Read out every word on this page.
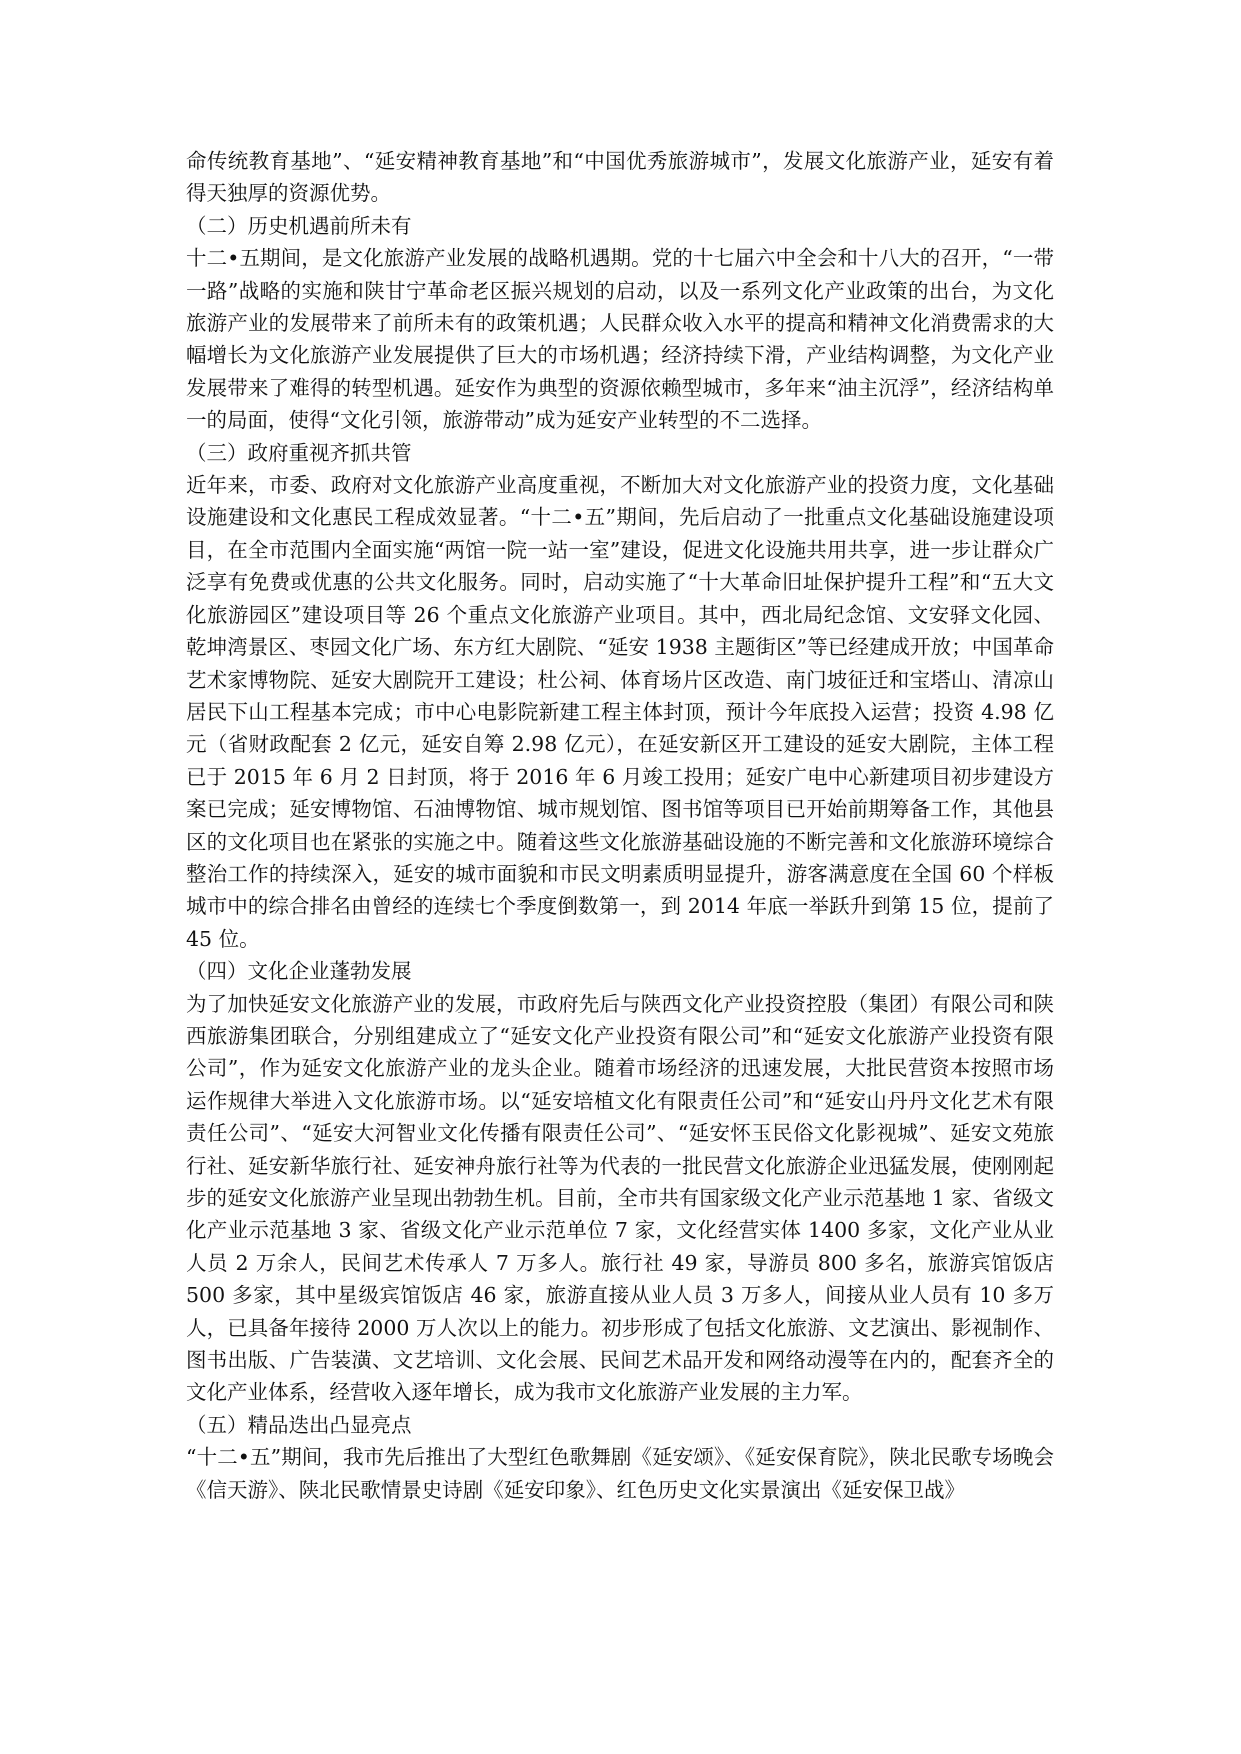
命传统教育基地”、“延安精神教育基地”和“中国优秀旅游城市”，发展文化旅游产业，延安有着得天独厚的资源优势。

（二）历史机遇前所未有

十二•五期间，是文化旅游产业发展的战略机遇期。党的十七届六中全会和十八大的召开，“一带一路”战略的实施和陕甘宁革命老区振兴规划的启动，以及一系列文化产业政策的出台，为文化旅游产业的发展带来了前所未有的政策机遇；人民群众收入水平的提高和精神文化消费需求的大幅增长为文化旅游产业发展提供了巨大的市场机遇；经济持续下滑，产业结构调整，为文化产业发展带来了难得的转型机遇。延安作为典型的资源依赖型城市，多年来“油主沉浮”，经济结构单一的局面，使得“文化引领，旅游带动”成为延安产业转型的不二选择。

（三）政府重视齐抓共管

近年来，市委、政府对文化旅游产业高度重视，不断加大对文化旅游产业的投资力度，文化基础设施建设和文化惠民工程成效显著。“十二•五”期间，先后启动了一批重点文化基础设施建设项目，在全市范围内全面实施“两馆一院一站一室”建设，促进文化设施共用共享，进一步让群众广泛享有免费或优惠的公共文化服务。同时，启动实施了“十大革命旧址保护提升工程”和“五大文化旅游园区”建设项目等 26 个重点文化旅游产业项目。其中，西北局纪念馆、文安驿文化园、乾坤湾景区、枣园文化广场、东方红大剧院、“延安 1938 主题街区”等已经建成开放；中国革命艺术家博物院、延安大剧院开工建设；杜公祠、体育场片区改造、南门坡征迁和宝塔山、清凉山居民下山工程基本完成；市中心电影院新建工程主体封顶，预计今年底投入运营；投资 4.98 亿元（省财政配套 2 亿元，延安自筹 2.98 亿元），在延安新区开工建设的延安大剧院，主体工程已于 2015 年 6 月 2 日封顶，将于 2016 年 6 月竣工投用；延安广电中心新建项目初步建设方案已完成；延安博物馆、石油博物馆、城市规划馆、图书馆等项目已开始前期筹备工作，其他县区的文化项目也在紧张的实施之中。随着这些文化旅游基础设施的不断完善和文化旅游环境综合整治工作的持续深入，延安的城市面貌和市民文明素质明显提升，游客满意度在全国 60 个样板城市中的综合排名由曾经的连续七个季度倒数第一，到 2014 年底一举跃升到第 15 位，提前了 45 位。

（四）文化企业蓬勃发展

为了加快延安文化旅游产业的发展，市政府先后与陕西文化产业投资控股（集团）有限公司和陕西旅游集团联合，分别组建成立了“延安文化产业投资有限公司”和“延安文化旅游产业投资有限公司”，作为延安文化旅游产业的龙头企业。随着市场经济的迅速发展，大批民营资本按照市场运作规律大举进入文化旅游市场。以“延安培植文化有限责任公司”和“延安山丹丹文化艺术有限责任公司”、“延安大河智业文化传播有限责任公司”、“延安怀玉民俗文化影视城”、延安文苑旅行社、延安新华旅行社、延安神舟旅行社等为代表的一批民营文化旅游企业迅猛发展，使刚刚起步的延安文化旅游产业呈现出勃勃生机。目前，全市共有国家级文化产业示范基地 1 家、省级文化产业示范基地 3 家、省级文化产业示范单位 7 家，文化经营实体 1400 多家，文化产业从业人员 2 万余人，民间艺术传承人 7 万多人。旅行社 49 家，导游员 800 多名，旅游宾馆饭店 500 多家，其中星级宾馆饭店 46 家，旅游直接从业人员 3 万多人，间接从业人员有 10 多万人，已具备年接待 2000 万人次以上的能力。初步形成了包括文化旅游、文艺演出、影视制作、图书出版、广告装潢、文艺培训、文化会展、民间艺术品开发和网络动漫等在内的，配套齐全的文化产业体系，经营收入逐年增长，成为我市文化旅游产业发展的主力军。

（五）精品迭出凸显亮点

“十二•五”期间，我市先后推出了大型红色歌舞剧《延安颂》、《延安保育院》，陕北民歌专场晚会《信天游》、陕北民歌情景史诗剧《延安印象》、红色历史文化实景演出《延安保卫战》
